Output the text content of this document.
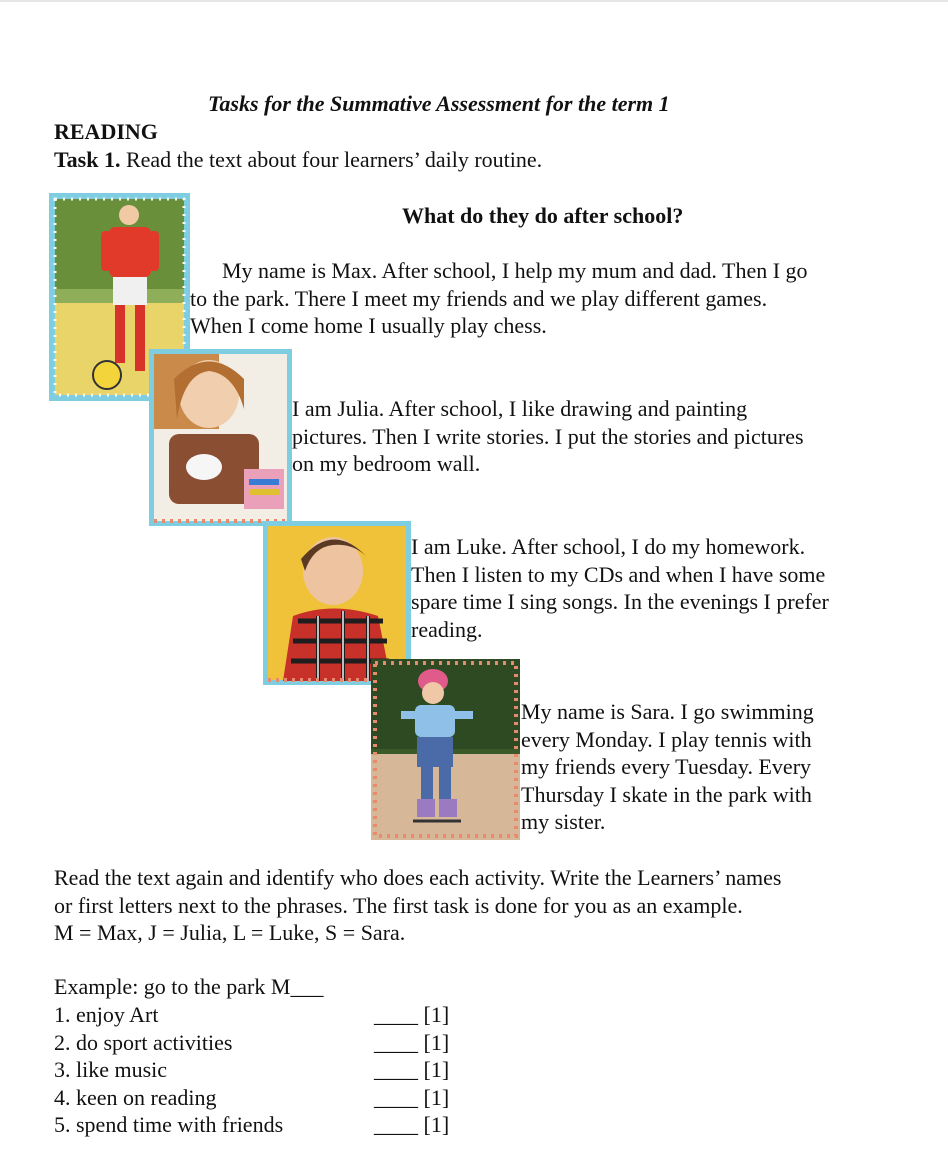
Tasks for the Summative Assessment for the term 1
READING
Task 1. Read the text about four learners’ daily routine.
What do they do after school?
My name is Max. After school, I help my mum and dad. Then I go
to the park. There I meet my friends and we play different games.
When I come home I usually play chess.
I am Julia. After school, I like drawing and painting
pictures. Then I write stories. I put the stories and pictures
on my bedroom wall.
I am Luke. After school, I do my homework.
Then I listen to my CDs and when I have some
spare time I sing songs. In the evenings I prefer
reading.
My name is Sara. I go swimming
every Monday. I play tennis with
my friends every Tuesday. Every
Thursday I skate in the park with
my sister.
Read the text again and identify who does each activity. Write the Learners’ names
or first letters next to the phrases. The first task is done for you as an example.
M = Max, J = Julia, L = Luke, S = Sara.
Example: go to the park M___
1. enjoy Art	____ [1]
2. do sport activities	____ [1]
3. like music	____ [1]
4. keen on reading	____ [1]
5. spend time with friends	____ [1]
